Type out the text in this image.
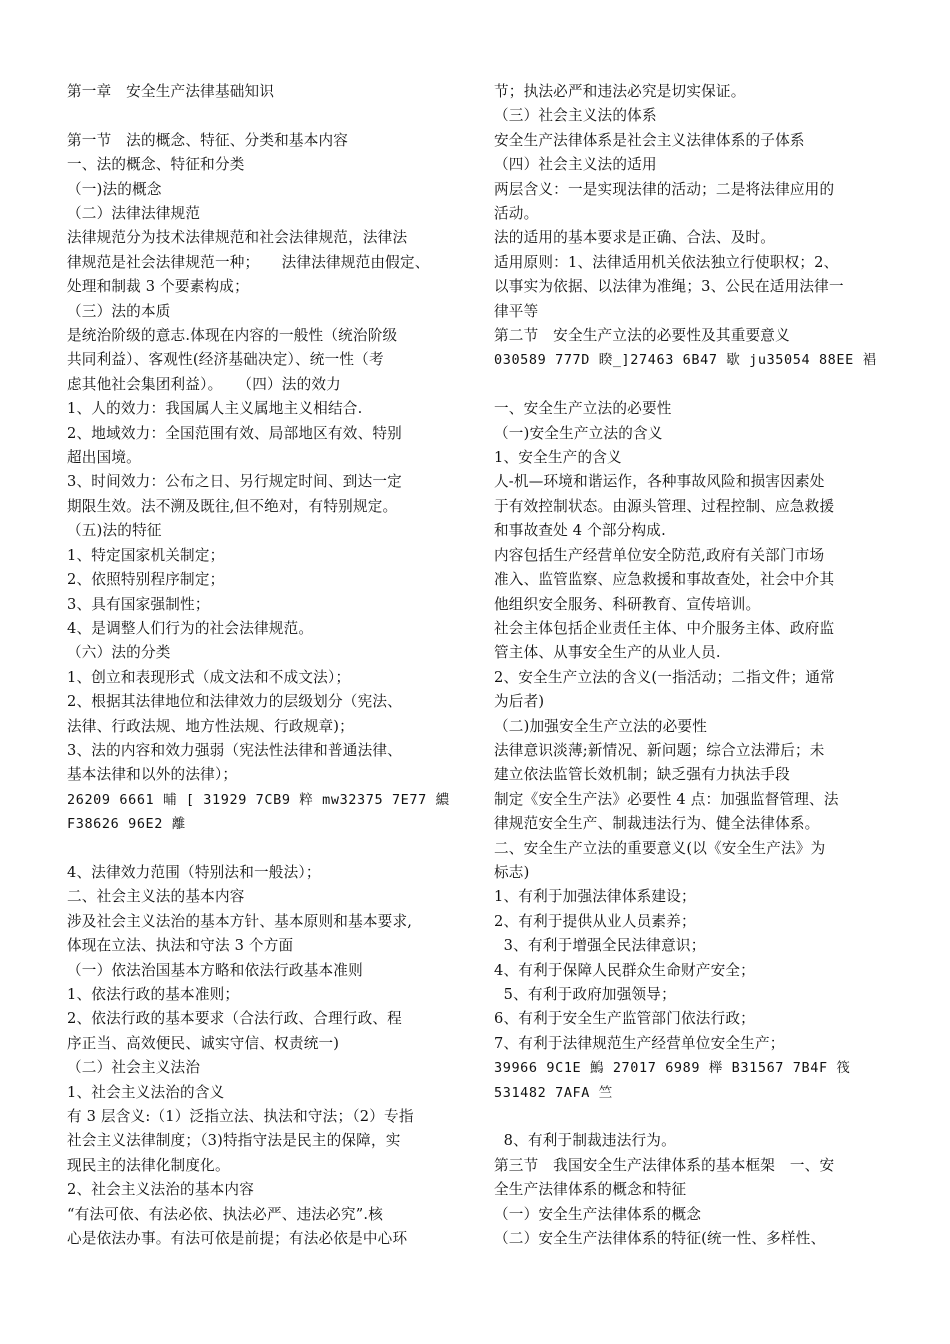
第一章　安全生产法律基础知识
第一节　法的概念、特征、分类和基本内容
一、法的概念、特征和分类
（一)法的概念
（二）法律法律规范
法律规范分为技术法律规范和社会法律规范，法律法
律规范是社会法律规范一种；　　法律法律规范由假定、
处理和制裁 3 个要素构成；
（三）法的本质
是统治阶级的意志.体现在内容的一般性（统治阶级
共同利益）、客观性(经济基础决定）、统一性（考
虑其他社会集团利益）。　　（四）法的效力
1、人的效力：我国属人主义属地主义相结合.
2、地域效力：全国范围有效、局部地区有效、特别
超出国境。
3、时间效力：公布之日、另行规定时间、到达一定
期限生效。法不溯及既往,但不绝对，有特别规定。
（五)法的特征
1、特定国家机关制定；
2、依照特别程序制定；
3、具有国家强制性；
4、是调整人们行为的社会法律规范。
（六）法的分类
1、创立和表现形式（成文法和不成文法）；
2、根据其法律地位和法律效力的层级划分（宪法、
法律、行政法规、地方性法规、行政规章)；
3、法的内容和效力强弱（宪法性法律和普通法律、
基本法律和以外的法律）；
26209 6661 晡 [ 31929 7CB9 粹 mw32375 7E77 繷
F38626 96E2 離
4、法律效力范围（特别法和一般法）；
二、社会主义法的基本内容
涉及社会主义法治的基本方针、基本原则和基本要求,
体现在立法、执法和守法 3 个方面
（一）依法治国基本方略和依法行政基本准则
1、依法行政的基本准则；
2、依法行政的基本要求（合法行政、合理行政、程
序正当、高效便民、诚实守信、权责统一)
（二）社会主义法治
1、社会主义法治的含义
有 3 层含义:（1）泛指立法、执法和守法；（2）专指
社会主义法律制度；（3)特指守法是民主的保障，实
现民主的法律化制度化。
2、社会主义法治的基本内容
“有法可依、有法必依、执法必严、违法必究”.核
心是依法办事。有法可依是前提；有法必依是中心环
节；执法必严和违法必究是切实保证。
（三）社会主义法的体系
安全生产法律体系是社会主义法律体系的子体系
（四）社会主义法的适用
两层含义：一是实现法律的活动；二是将法律应用的
活动。
法的适用的基本要求是正确、合法、及时。
适用原则：1、法律适用机关依法独立行使职权；2、
以事实为依据、以法律为准绳；3、公民在适用法律一
律平等
第二节　安全生产立法的必要性及其重要意义
030589 777D 睽_]27463 6B47 歇 ju35054 88EE 裮
一、安全生产立法的必要性
（一)安全生产立法的含义
1、安全生产的含义
人-机—环境和谐运作，各种事故风险和损害因素处
于有效控制状态。由源头管理、过程控制、应急救援
和事故查处 4 个部分构成.
内容包括生产经营单位安全防范,政府有关部门市场
准入、监管监察、应急救援和事故查处，社会中介其
他组织安全服务、科研教育、宣传培训。
社会主体包括企业责任主体、中介服务主体、政府监
管主体、从事安全生产的从业人员.
2、安全生产立法的含义(一指活动；二指文件；通常
为后者)
（二)加强安全生产立法的必要性
法律意识淡薄;新情况、新问题；综合立法滞后；未
建立依法监管长效机制；缺乏强有力执法手段
制定《安全生产法》必要性 4 点：加强监督管理、法
律规范安全生产、制裁违法行为、健全法律体系。
二、安全生产立法的重要意义(以《安全生产法》为
标志)
1、有利于加强法律体系建设；
2、有利于提供从业人员素养；
3、有利于增强全民法律意识；
4、有利于保障人民群众生命财产安全；
5、有利于政府加强领导；
6、有利于安全生产监管部门依法行政；
7、有利于法律规范生产经营单位安全生产；
39966 9C1E 鰞 27017 6989 榉 B31567 7B4F 筏
531482 7AFA 竺
8、有利于制裁违法行为。
第三节　我国安全生产法律体系的基本框架　一、安
全生产法律体系的概念和特征
（一）安全生产法律体系的概念
（二）安全生产法律体系的特征(统一性、多样性、
